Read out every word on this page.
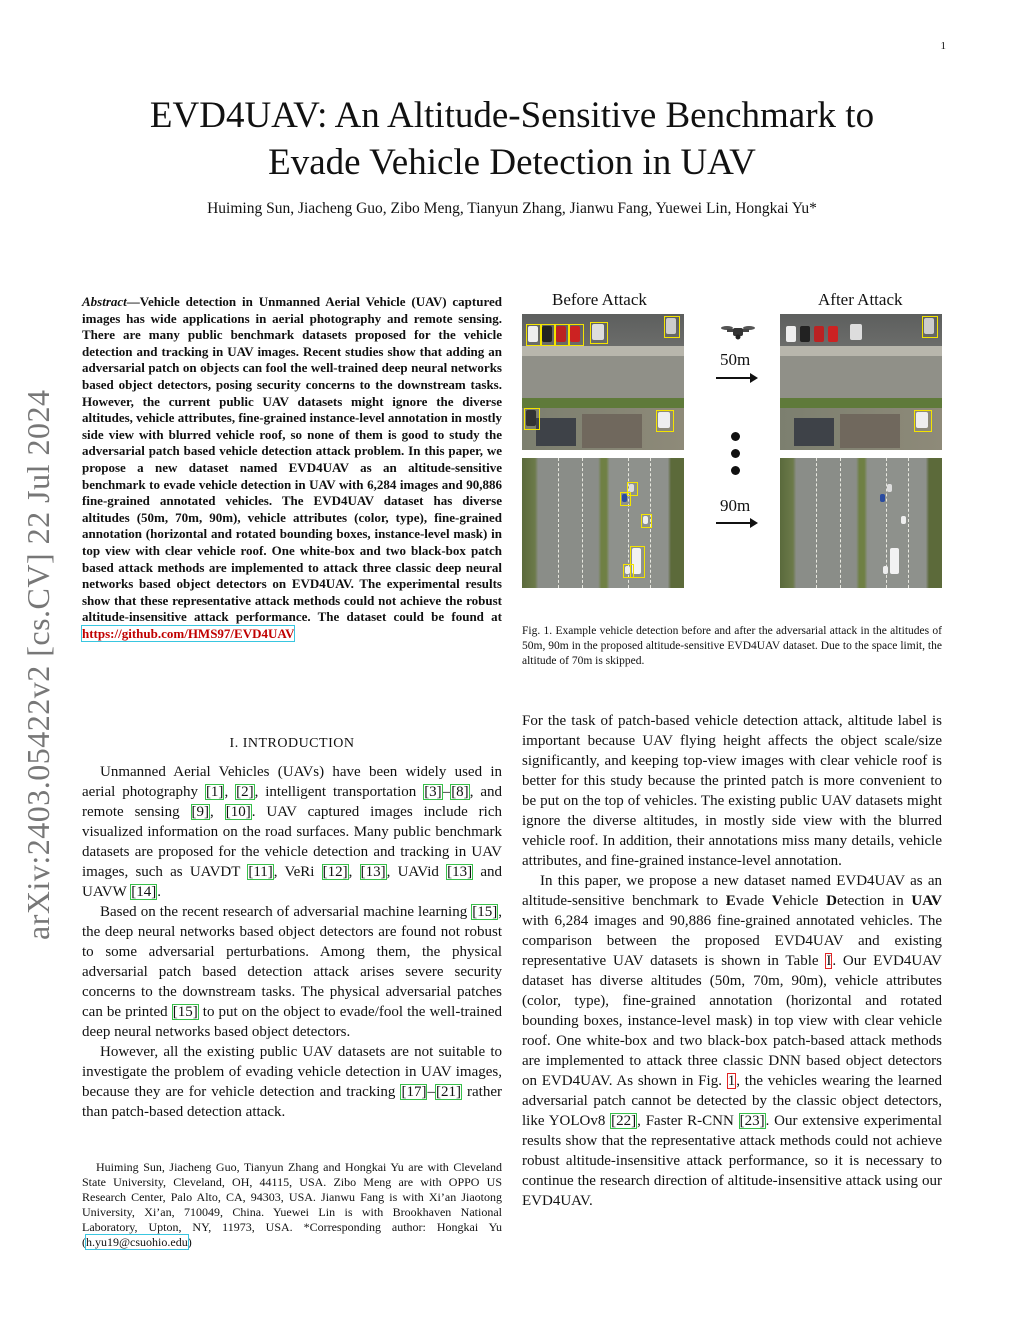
1
arXiv:2403.05422v2 [cs.CV] 22 Jul 2024
EVD4UAV: An Altitude-Sensitive Benchmark to
Evade Vehicle Detection in UAV
Huiming Sun, Jiacheng Guo, Zibo Meng, Tianyun Zhang, Jianwu Fang, Yuewei Lin, Hongkai Yu*
Abstract—Vehicle detection in Unmanned Aerial Vehicle (UAV) captured images has wide applications in aerial photography and remote sensing. There are many public benchmark datasets proposed for the vehicle detection and tracking in UAV images. Recent studies show that adding an adversarial patch on objects can fool the well-trained deep neural networks based object detectors, posing security concerns to the downstream tasks. However, the current public UAV datasets might ignore the diverse altitudes, vehicle attributes, fine-grained instance-level annotation in mostly side view with blurred vehicle roof, so none of them is good to study the adversarial patch based vehicle detection attack problem. In this paper, we propose a new dataset named EVD4UAV as an altitude-sensitive benchmark to evade vehicle detection in UAV with 6,284 images and 90,886 fine-grained annotated vehicles. The EVD4UAV dataset has diverse altitudes (50m, 70m, 90m), vehicle attributes (color, type), fine-grained annotation (horizontal and rotated bounding boxes, instance-level mask) in top view with clear vehicle roof. One white-box and two black-box patch based attack methods are implemented to attack three classic deep neural networks based object detectors on EVD4UAV. The experimental results show that these representative attack methods could not achieve the robust altitude-insensitive attack performance. The dataset could be found at https://github.com/HMS97/EVD4UAV
I. INTRODUCTION

Unmanned Aerial Vehicles (UAVs) have been widely used in aerial photography [1], [2], intelligent transportation [3]–[8], and remote sensing [9], [10]. UAV captured images include rich visualized information on the road surfaces. Many public benchmark datasets are proposed for the vehicle detection and tracking in UAV images, such as UAVDT [11], VeRi [12], [13], UAVid [13] and UAVW [14].

Based on the recent research of adversarial machine learning [15], the deep neural networks based object detectors are found not robust to some adversarial perturbations. Among them, the physical adversarial patch based detection attack arises severe security concerns to the downstream tasks. The physical adversarial patches can be printed [15] to put on the object to evade/fool the well-trained deep neural networks based object detectors.

However, all the existing public UAV datasets are not suitable to investigate the problem of evading vehicle detection in UAV images, because they are for vehicle detection and tracking [17]–[21] rather than patch-based detection attack.

Huiming Sun, Jiacheng Guo, Tianyun Zhang and Hongkai Yu are with Cleveland State University, Cleveland, OH, 44115, USA. Zibo Meng are with OPPO US Research Center, Palo Alto, CA, 94303, USA. Jianwu Fang is with Xi’an Jiaotong University, Xi’an, 710049, China. Yuewei Lin is with Brookhaven National Laboratory, Upton, NY, 11973, USA. *Corresponding author: Hongkai Yu (h.yu19@csuohio.edu)

Before Attack	After Attack
50m
90m
Fig. 1. Example vehicle detection before and after the adversarial attack in the altitudes of 50m, 90m in the proposed altitude-sensitive EVD4UAV dataset. Due to the space limit, the altitude of 70m is skipped.

For the task of patch-based vehicle detection attack, altitude label is important because UAV flying height affects the object scale/size significantly, and keeping top-view images with clear vehicle roof is better for this study because the printed patch is more convenient to be put on the top of vehicles. The existing public UAV datasets might ignore the diverse altitudes, in mostly side view with the blurred vehicle roof. In addition, their annotations miss many details, vehicle attributes, and fine-grained instance-level annotation.

In this paper, we propose a new dataset named EVD4UAV as an altitude-sensitive benchmark to Evade Vehicle Detection in UAV with 6,284 images and 90,886 fine-grained annotated vehicles. The comparison between the proposed EVD4UAV and existing representative UAV datasets is shown in Table I. Our EVD4UAV dataset has diverse altitudes (50m, 70m, 90m), vehicle attributes (color, type), fine-grained annotation (horizontal and rotated bounding boxes, instance-level mask) in top view with clear vehicle roof. One white-box and two black-box patch-based attack methods are implemented to attack three classic DNN based object detectors on EVD4UAV. As shown in Fig. 1, the vehicles wearing the learned adversarial patch cannot be detected by the classic object detectors, like YOLOv8 [22], Faster R-CNN [23]. Our extensive experimental results show that the representative attack methods could not achieve robust altitude-insensitive attack performance, so it is necessary to continue the research direction of altitude-insensitive attack using our EVD4UAV.
